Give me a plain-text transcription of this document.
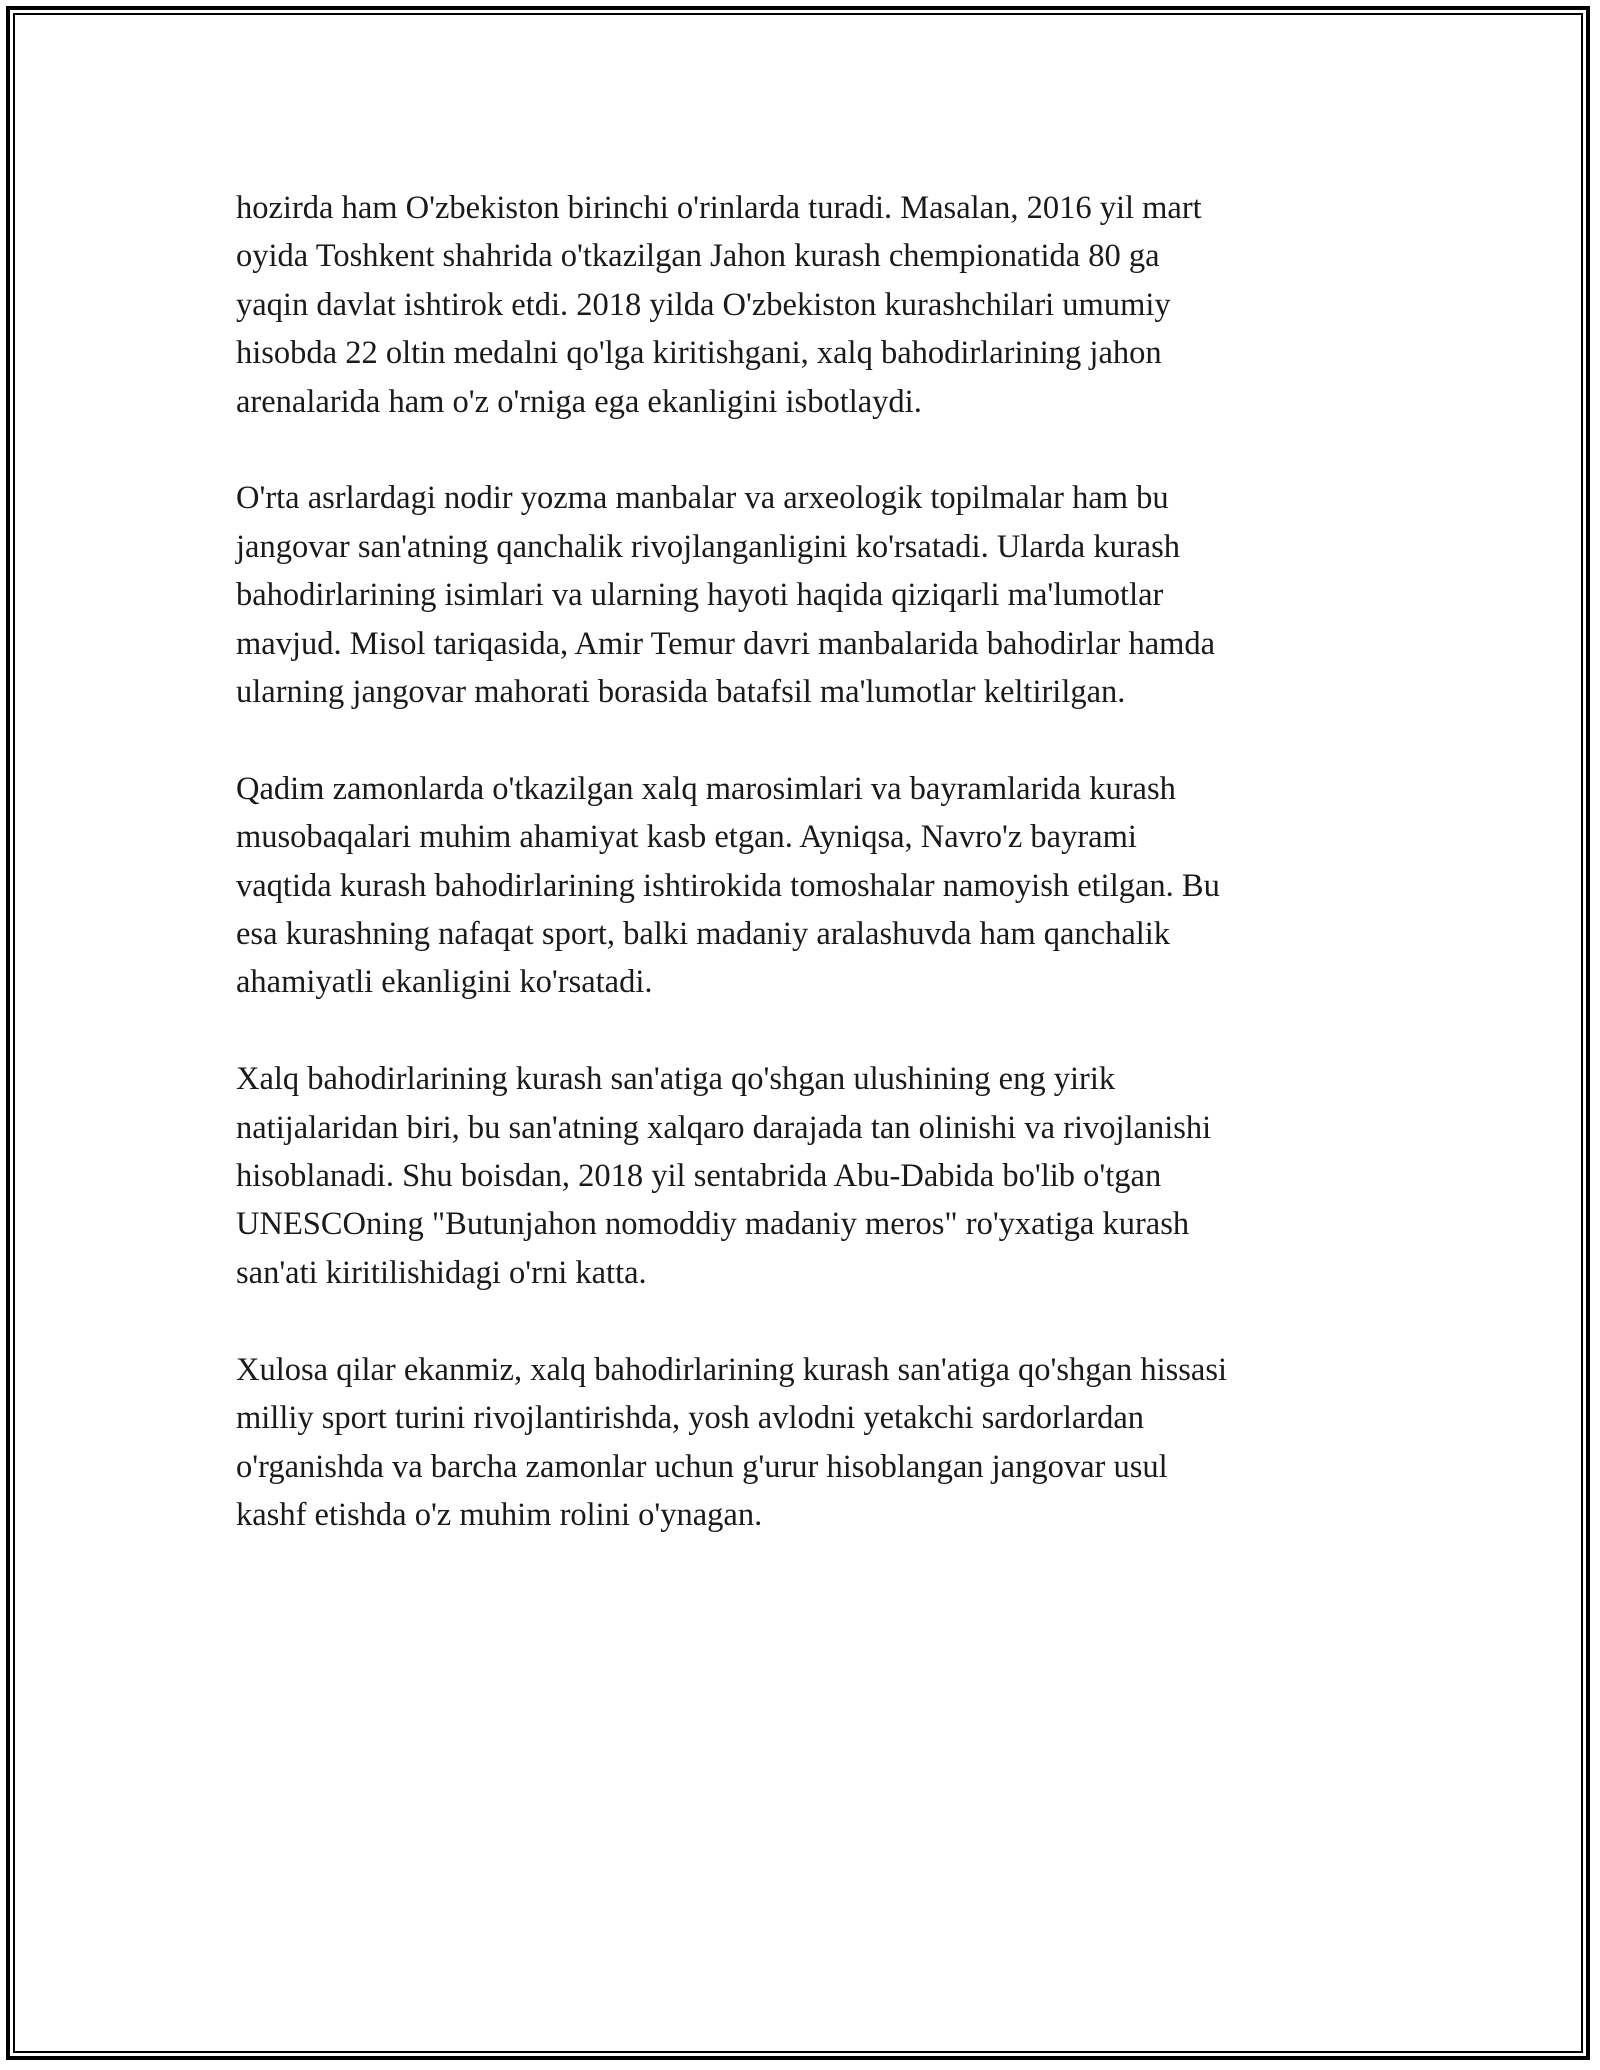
hozirda ham O'zbekiston birinchi o'rinlarda turadi. Masalan, 2016 yil mart
oyida Toshkent shahrida o'tkazilgan Jahon kurash chempionatida 80 ga
yaqin davlat ishtirok etdi. 2018 yilda O'zbekiston kurashchilari umumiy
hisobda 22 oltin medalni qo'lga kiritishgani, xalq bahodirlarining jahon
arenalarida ham o'z o'rniga ega ekanligini isbotlaydi.

O'rta asrlardagi nodir yozma manbalar va arxeologik topilmalar ham bu
jangovar san'atning qanchalik rivojlanganligini ko'rsatadi. Ularda kurash
bahodirlarining isimlari va ularning hayoti haqida qiziqarli ma'lumotlar
mavjud. Misol tariqasida, Amir Temur davri manbalarida bahodirlar hamda
ularning jangovar mahorati borasida batafsil ma'lumotlar keltirilgan.

Qadim zamonlarda o'tkazilgan xalq marosimlari va bayramlarida kurash
musobaqalari muhim ahamiyat kasb etgan. Ayniqsa, Navro'z bayrami
vaqtida kurash bahodirlarining ishtirokida tomoshalar namoyish etilgan. Bu
esa kurashning nafaqat sport, balki madaniy aralashuvda ham qanchalik
ahamiyatli ekanligini ko'rsatadi.

Xalq bahodirlarining kurash san'atiga qo'shgan ulushining eng yirik
natijalaridan biri, bu san'atning xalqaro darajada tan olinishi va rivojlanishi
hisoblanadi. Shu boisdan, 2018 yil sentabrida Abu-Dabida bo'lib o'tgan
UNESCOning "Butunjahon nomoddiy madaniy meros" ro'yxatiga kurash
san'ati kiritilishidagi o'rni katta.

Xulosa qilar ekanmiz, xalq bahodirlarining kurash san'atiga qo'shgan hissasi
milliy sport turini rivojlantirishda, yosh avlodni yetakchi sardorlardan
o'rganishda va barcha zamonlar uchun g'urur hisoblangan jangovar usul
kashf etishda o'z muhim rolini o'ynagan.
